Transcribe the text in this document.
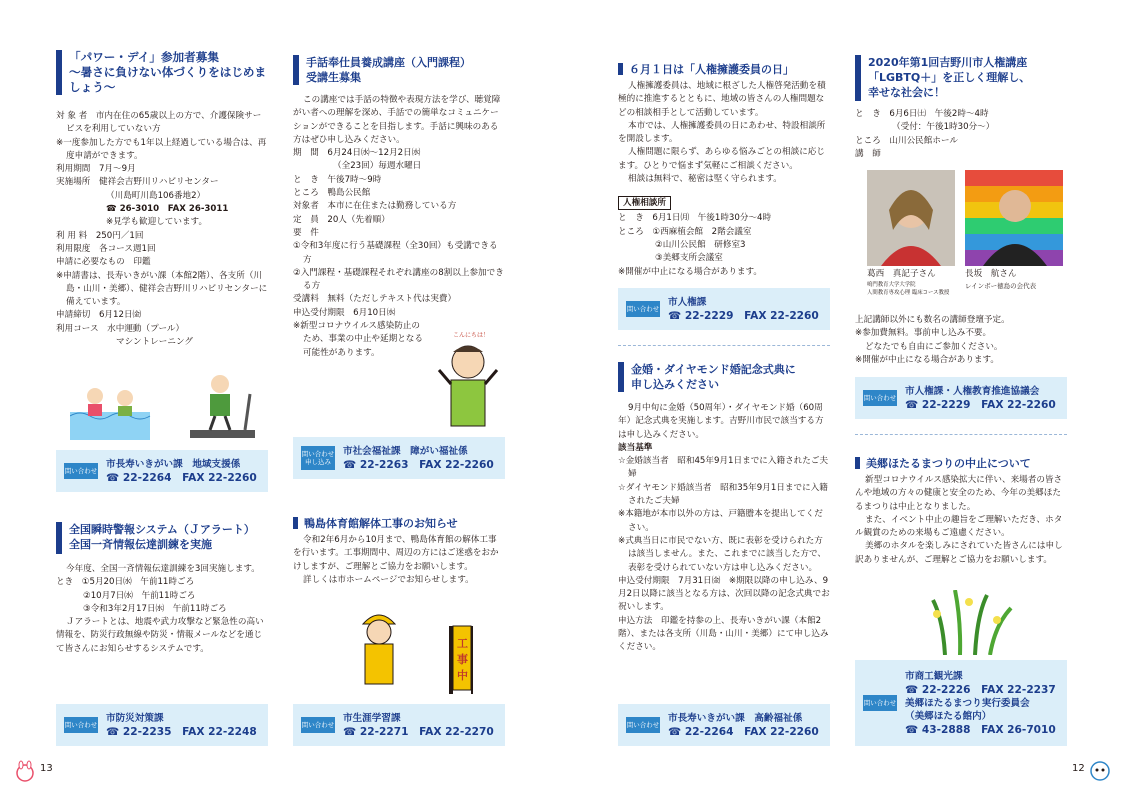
「パワー・デイ」参加者募集
～暑さに負けない体づくりをはじめましょう～

対 象 者　市内在住の65歳以上の方で、介護保険サービスを利用していない方

※一度参加した方でも1年以上経過している場合は、再度申請ができます。

利用期間　7月～9月

実施場所　健祥会吉野川リハビリセンター

（川島町川島106番地2）

☎ 26-3010　FAX 26-3011

※見学も歓迎しています。

利 用 料　250円／1回

利用限度　各コース週1回

申請に必要なもの　印鑑

※申請書は、長寿いきがい課（本館2階）、各支所（川島・山川・美郷）、健祥会吉野川リハビリセンターに備えています。

申請締切　6月12日㈮

利用コース　水中運動（プール）

マシントレーニング

問い合わせ
市長寿いきがい課　地域支援係
☎ 22-2264　FAX 22-2260
全国瞬時警報システム（Ｊアラート）
全国一斉情報伝達訓練を実施

今年度、全国一斉情報伝達訓練を3回実施します。

とき　①5月20日㈬　午前11時ごろ

②10月7日㈬　午前11時ごろ

③令和3年2月17日㈬　午前11時ごろ

Ｊアラートとは、地震や武力攻撃など緊急性の高い情報を、防災行政無線や防災・情報メールなどを通じて皆さんにお知らせするシステムです。

問い合わせ
市防災対策課
☎ 22-2235　FAX 22-2248
手話奉仕員養成講座（入門課程）
受講生募集

この講座では手話の特徴や表現方法を学び、聴覚障がい者への理解を深め、手話での簡単なコミュニケーションができることを目指します。手話に興味のある方はぜひ申し込みください。

期　間　6月24日㈬～12月2日㈬

（全23回）毎週水曜日

と　き　午後7時～9時

ところ　鴨島公民館

対象者　本市に在住または勤務している方

定　員　20人（先着順）

要　件

①令和3年度に行う基礎課程（全30回）も受講できる方

②入門課程・基礎課程それぞれ講座の8割以上参加できる方

受講料　無料（ただしテキスト代は実費）

申込受付期限　6月10日㈬

※新型コロナウイルス感染防止のため、事業の中止や延期となる可能性があります。

こんにちは！
問い合わせ
申し込み
市社会福祉課　障がい福祉係
☎ 22-2263　FAX 22-2260
鴨島体育館解体工事のお知らせ

令和2年6月から10月まで、鴨島体育館の解体工事を行います。工事期間中、周辺の方にはご迷惑をおかけしますが、ご理解とご協力をお願いします。

詳しくは市ホームページでお知らせします。

工事中
問い合わせ
市生涯学習課
☎ 22-2271　FAX 22-2270
６月１日は「人権擁護委員の日」

人権擁護委員は、地域に根ざした人権啓発活動を積極的に推進するとともに、地域の皆さんの人権問題などの相談相手として活動しています。

本市では、人権擁護委員の日にあわせ、特設相談所を開設します。

人権問題に限らず、あらゆる悩みごとの相談に応じます。ひとりで悩まず気軽にご相談ください。

相談は無料で、秘密は堅く守られます。

人権相談所

と　き　6月1日㈪　午後1時30分～4時

ところ　①西麻植会館　2階会議室

②山川公民館　研修室3

③美郷支所会議室

※開催が中止になる場合があります。

問い合わせ
市人権課
☎ 22-2229　FAX 22-2260
金婚・ダイヤモンド婚記念式典に
申し込みください

9月中旬に金婚（50周年）・ダイヤモンド婚（60周年）記念式典を実施します。吉野川市民で該当する方は申し込みください。

該当基準

☆金婚該当者　昭和45年9月1日までに入籍されたご夫婦

☆ダイヤモンド婚該当者　昭和35年9月1日までに入籍されたご夫婦

※本籍地が本市以外の方は、戸籍謄本を提出してください。

※式典当日に市民でない方、既に表彰を受けられた方は該当しません。また、これまでに該当した方で、表彰を受けられていない方は申し込みください。

申込受付期限　7月31日㈮　※期限以降の申し込み、9月2日以降に該当となる方は、次回以降の記念式典でお祝いします。

申込方法　印鑑を持参の上、長寿いきがい課（本館2階）、または各支所（川島・山川・美郷）にて申し込みください。

問い合わせ
市長寿いきがい課　高齢福祉係
☎ 22-2264　FAX 22-2260
2020年第1回吉野川市人権講座
「LGBTQ＋」を正しく理解し、
幸せな社会に！

と　き　6月6日㈯　午後2時～4時

（受付：午後1時30分～）

ところ　山川公民館ホール

講　師

葛西　真記子さん
鳴門教育大学大学院
人間教育専攻心理 臨床コース教授
長坂　航さん
レインボー徳島の会代表

上記講師以外にも数名の講師登壇予定。

※参加費無料。事前申し込み不要。

どなたでも自由にご参加ください。

※開催が中止になる場合があります。

問い合わせ
市人権課・人権教育推進協議会
☎ 22-2229　FAX 22-2260
美郷ほたるまつりの中止について

新型コロナウイルス感染拡大に伴い、来場者の皆さんや地域の方々の健康と安全のため、今年の美郷ほたるまつりは中止となりました。

また、イベント中止の趣旨をご理解いただき、ホタル観賞のための来場もご遠慮ください。

美郷のホタルを楽しみにされていた皆さんには申し訳ありませんが、ご理解とご協力をお願いします。

問い合わせ
市商工観光課
☎ 22-2226　FAX 22-2237
美郷ほたるまつり実行委員会
（美郷ほたる館内）
☎ 43-2888　FAX 26-7010
13	12
